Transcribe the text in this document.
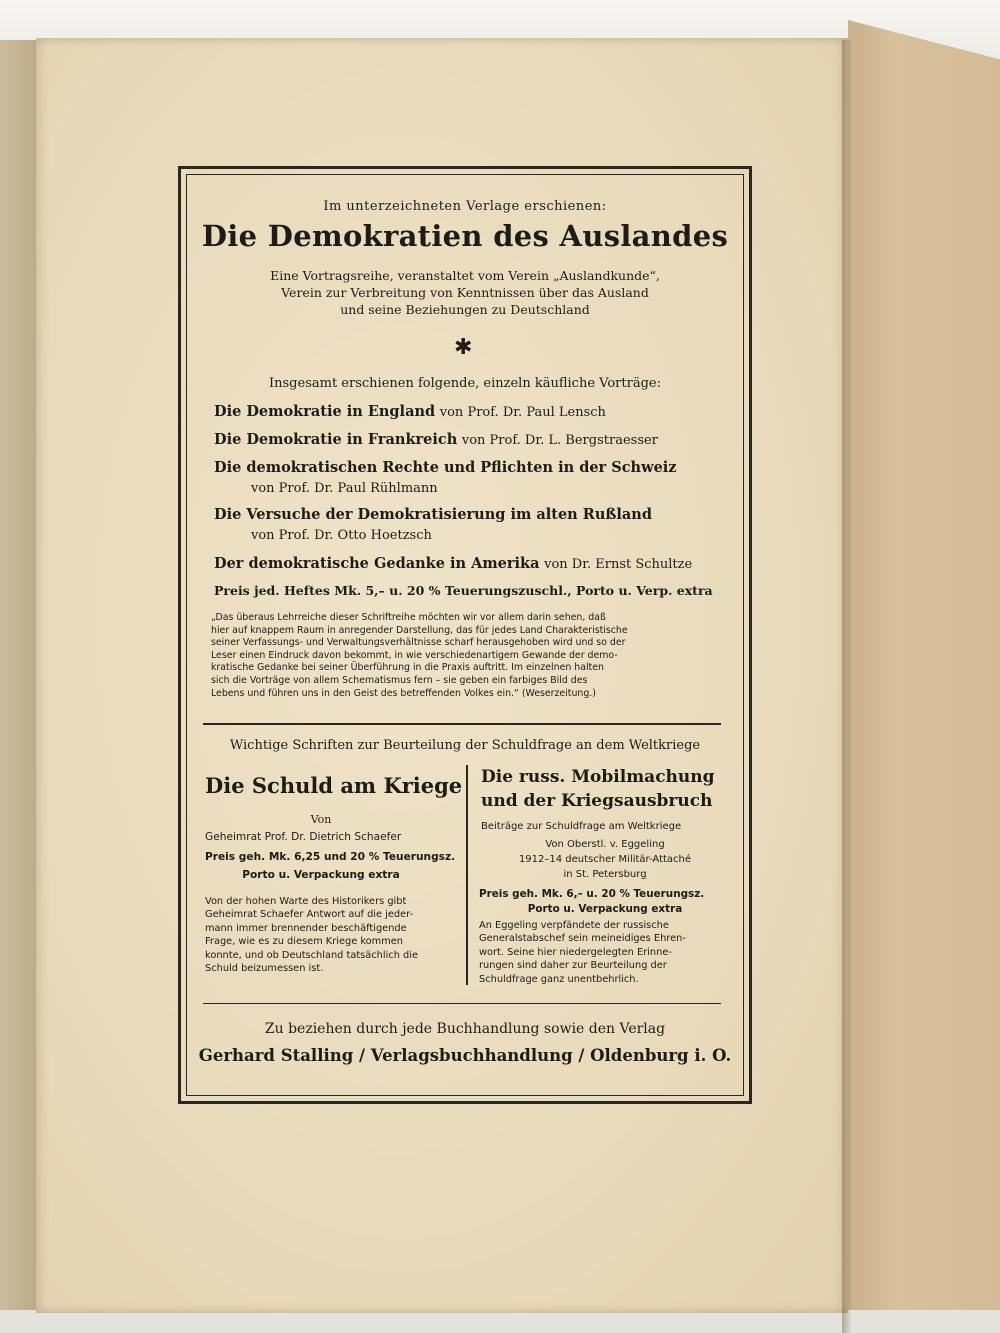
Im unterzeichneten Verlage erschienen:

Die Demokratien des Auslandes

Eine Vortragsreihe, veranstaltet vom Verein „Auslandkunde“,

Verein zur Verbreitung von Kenntnissen über das Ausland

und seine Beziehungen zu Deutschland

✱

Insgesamt erschienen folgende, einzeln käufliche Vorträge:

Die Demokratie in England von Prof. Dr. Paul Lensch

Die Demokratie in Frankreich von Prof. Dr. L. Bergstraesser

Die demokratischen Rechte und Pflichten in der Schweiz

von Prof. Dr. Paul Rühlmann

Die Versuche der Demokratisierung im alten Rußland

von Prof. Dr. Otto Hoetzsch

Der demokratische Gedanke in Amerika von Dr. Ernst Schultze

Preis jed. Heftes Mk. 5,– u. 20 % Teuerungszuschl., Porto u. Verp. extra

„Das überaus Lehrreiche dieser Schriftreihe möchten wir vor allem darin sehen, daß
hier auf knappem Raum in anregender Darstellung, das für jedes Land Charakteristische
seiner Verfassungs- und Verwaltungsverhältnisse scharf herausgehoben wird und so der
Leser einen Eindruck davon bekommt, in wie verschiedenartigem Gewande der demo-
kratische Gedanke bei seiner Überführung in die Praxis auftritt. Im einzelnen halten
sich die Vorträge von allem Schematismus fern – sie geben ein farbiges Bild des
Lebens und führen uns in den Geist des betreffenden Volkes ein.“ (Weserzeitung.)

Wichtige Schriften zur Beurteilung der Schuldfrage an dem Weltkriege

Die Schuld am Kriege

Von

Geheimrat Prof. Dr. Dietrich Schaefer

Preis geh. Mk. 6,25 und 20 % Teuerungsz.

Porto u. Verpackung extra

Von der hohen Warte des Historikers gibt
Geheimrat Schaefer Antwort auf die jeder-
mann immer brennender beschäftigende
Frage, wie es zu diesem Kriege kommen
konnte, und ob Deutschland tatsächlich die
Schuld beizumessen ist.

Die russ. Mobilmachung

und der Kriegsausbruch

Beiträge zur Schuldfrage am Weltkriege

Von Oberstl. v. Eggeling

1912–14 deutscher Militär-Attaché

in St. Petersburg

Preis geh. Mk. 6,– u. 20 % Teuerungsz.

Porto u. Verpackung extra

An Eggeling verpfändete der russische
Generalstabschef sein meineidiges Ehren-
wort. Seine hier niedergelegten Erinne-
rungen sind daher zur Beurteilung der
Schuldfrage ganz unentbehrlich.

Zu beziehen durch jede Buchhandlung sowie den Verlag

Gerhard Stalling / Verlagsbuchhandlung / Oldenburg i. O.
